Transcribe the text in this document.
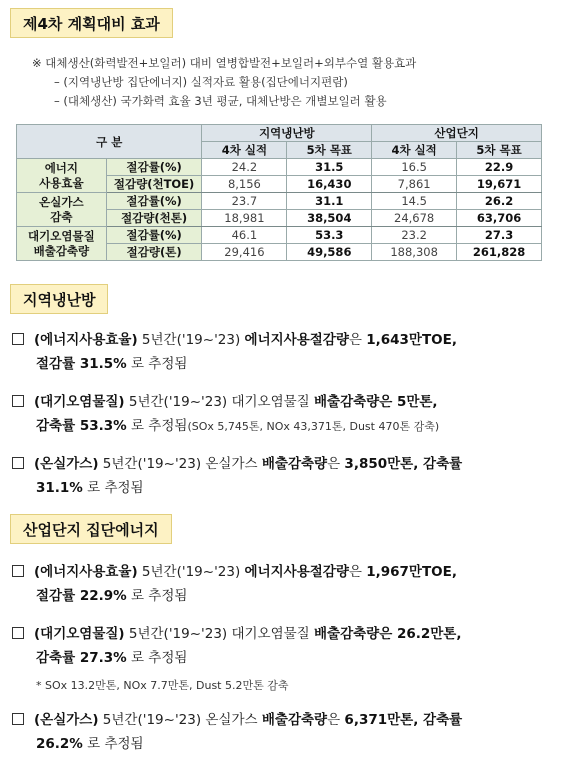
제4차 계획대비 효과
※ 대체생산(화력발전+보일러) 대비 열병합발전+보일러+외부수열 활용효과
– (지역냉난방 집단에너지) 실적자료 활용(집단에너지편람)
– (대체생산) 국가화력 효율 3년 평균, 대체난방은 개별보일러 활용
구 분		지역냉난방		산업단지	
		4차 실적	5차 목표	4차 실적	5차 목표

에너지
사용효율	절감률(%)	24.2	31.5	16.5	22.9
	절감량(천TOE)	8,156	16,430	7,861	19,671

온실가스
감축	절감률(%)	23.7	31.1	14.5	26.2
	절감량(천톤)	18,981	38,504	24,678	63,706

대기오염물질
배출감축량	절감률(%)	46.1	53.3	23.2	27.3
	절감량(톤)	29,416	49,586	188,308	261,828
지역냉난방
(에너지사용효율) 5년간('19~'23) 에너지사용절감량은 1,643만TOE,
절감률 31.5% 로 추정됨
(대기오염물질) 5년간('19~'23) 대기오염물질 배출감축량은 5만톤,
감축률 53.3% 로 추정됨(SOx 5,745톤, NOx 43,371톤, Dust 470톤 감축)
(온실가스) 5년간('19~'23) 온실가스 배출감축량은 3,850만톤, 감축률
31.1% 로 추정됨
산업단지 집단에너지
(에너지사용효율) 5년간('19~'23) 에너지사용절감량은 1,967만TOE,
절감률 22.9% 로 추정됨
(대기오염물질) 5년간('19~'23) 대기오염물질 배출감축량은 26.2만톤,
감축률 27.3% 로 추정됨
* SOx 13.2만톤, NOx 7.7만톤, Dust 5.2만톤 감축
(온실가스) 5년간('19~'23) 온실가스 배출감축량은 6,371만톤, 감축률
26.2% 로 추정됨
